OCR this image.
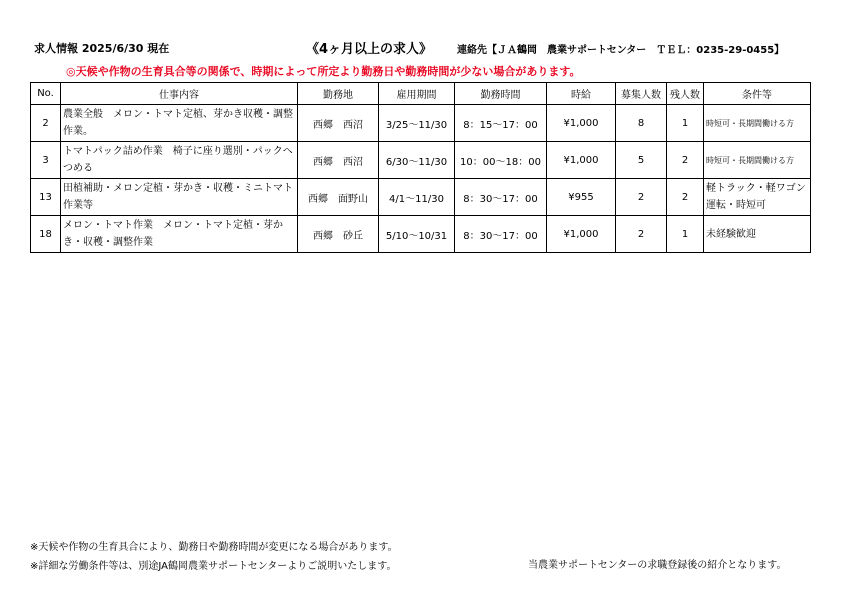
求人情報 2025/6/30 現在	《4ヶ月以上の求人》 連絡先【ＪＡ鶴岡　農業サポートセンター　ＴＥＬ：0235-29-0455】
◎天候や作物の生育具合等の関係で、時期によって所定より勤務日や勤務時間が少ない場合があります。
No.	仕事内容	勤務地	雇用期間	勤務時間	時給	募集人数	残人数	条件等
2	農業全般　メロン・トマト定植、芽かき収穫・調整作業。	西郷　西沼	3/25〜11/30	8：15〜17：00	¥1,000	8	1	時短可・長期間働ける方
3	トマトパック詰め作業　椅子に座り選別・パックへつめる	西郷　西沼	6/30〜11/30	10：00〜18：00	¥1,000	5	2	時短可・長期間働ける方
13	田植補助・メロン定植・芽かき・収穫・ミニトマト作業等	西郷　面野山	4/1〜11/30	8：30〜17：00	¥955	2	2	軽トラック・軽ワゴン運転・時短可
18	メロン・トマト作業　メロン・トマト定植・芽かき・収穫・調整作業	西郷　砂丘	5/10〜10/31	8：30〜17：00	¥1,000	2	1	未経験歓迎
※天候や作物の生育具合により、勤務日や勤務時間が変更になる場合があります。
※詳細な労働条件等は、別途JA鶴岡農業サポートセンターよりご説明いたします。	当農業サポートセンターの求職登録後の紹介となります。
